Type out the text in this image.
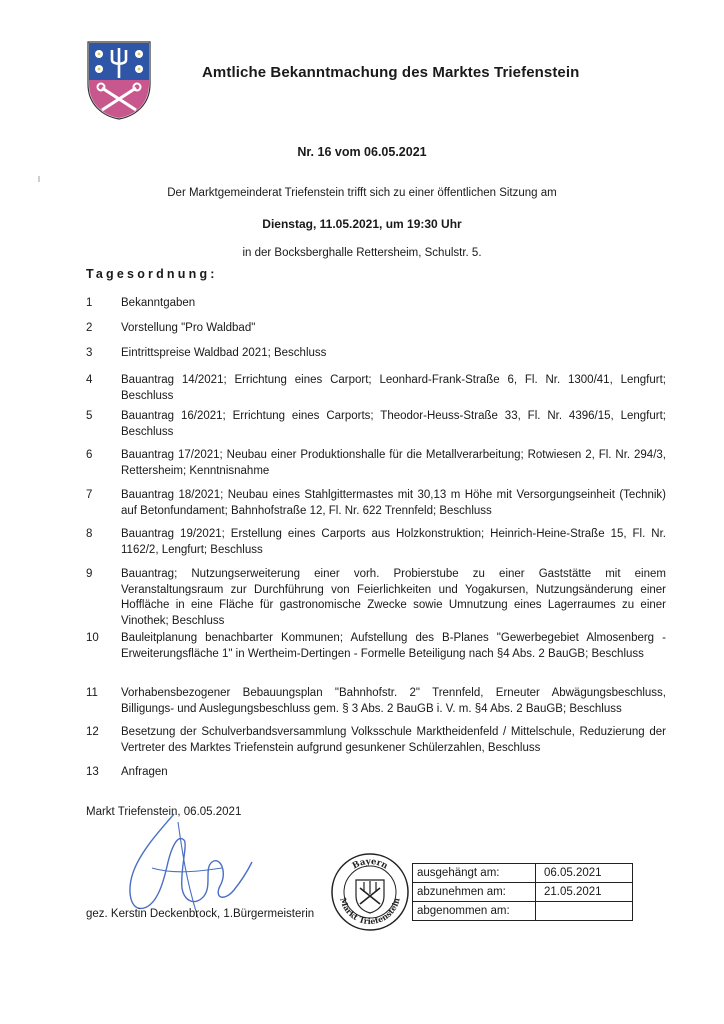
Amtliche Bekanntmachung des Marktes Triefenstein
Nr. 16 vom 06.05.2021
Der Marktgemeinderat Triefenstein trifft sich zu einer öffentlichen Sitzung am
Dienstag, 11.05.2021, um 19:30 Uhr
in der Bocksberghalle Rettersheim, Schulstr. 5.
Tagesordnung:
1	Bekanntgaben
2	Vorstellung "Pro Waldbad"
3	Eintrittspreise Waldbad 2021; Beschluss
4	Bauantrag 14/2021; Errichtung eines Carport; Leonhard-Frank-Straße 6, Fl. Nr. 1300/41, Lengfurt; Beschluss
5	Bauantrag 16/2021; Errichtung eines Carports; Theodor-Heuss-Straße 33, Fl. Nr. 4396/15, Lengfurt; Beschluss
6	Bauantrag 17/2021; Neubau einer Produktionshalle für die Metallverarbeitung; Rotwiesen 2, Fl. Nr. 294/3, Rettersheim; Kenntnisnahme
7	Bauantrag 18/2021; Neubau eines Stahlgittermastes mit 30,13 m Höhe mit Versorgungseinheit (Technik) auf Betonfundament; Bahnhofstraße 12, Fl. Nr. 622 Trennfeld; Beschluss
8	Bauantrag 19/2021; Erstellung eines Carports aus Holzkonstruktion; Heinrich-Heine-Straße 15, Fl. Nr. 1162/2, Lengfurt; Beschluss
9	Bauantrag; Nutzungserweiterung einer vorh. Probierstube zu einer Gaststätte mit einem Veranstaltungsraum zur Durchführung von Feierlichkeiten und Yogakursen, Nutzungsänderung einer Hoffläche in eine Fläche für gastronomische Zwecke sowie Umnutzung eines Lagerraumes zu einer Vinothek; Beschluss
10	Bauleitplanung benachbarter Kommunen; Aufstellung des B-Planes "Gewerbegebiet Almosenberg - Erweiterungsfläche 1" in Wertheim-Dertingen - Formelle Beteiligung nach §4 Abs. 2 BauGB; Beschluss
11	Vorhabensbezogener Bebauungsplan "Bahnhofstr. 2" Trennfeld, Erneuter Abwägungsbeschluss, Billigungs- und Auslegungsbeschluss gem. § 3 Abs. 2 BauGB i. V. m. §4 Abs. 2 BauGB; Beschluss
12	Besetzung der Schulverbandsversammlung Volksschule Marktheidenfeld / Mittelschule, Reduzierung der Vertreter des Marktes Triefenstein aufgrund gesunkener Schülerzahlen, Beschluss
13	Anfragen
Markt Triefenstein, 06.05.2021
gez. Kerstin Deckenbrock, 1.Bürgermeisterin
Bayern
Markt Triefenstein
ausgehängt am:	06.05.2021
abzunehmen am:	21.05.2021
abgenommen am:	
